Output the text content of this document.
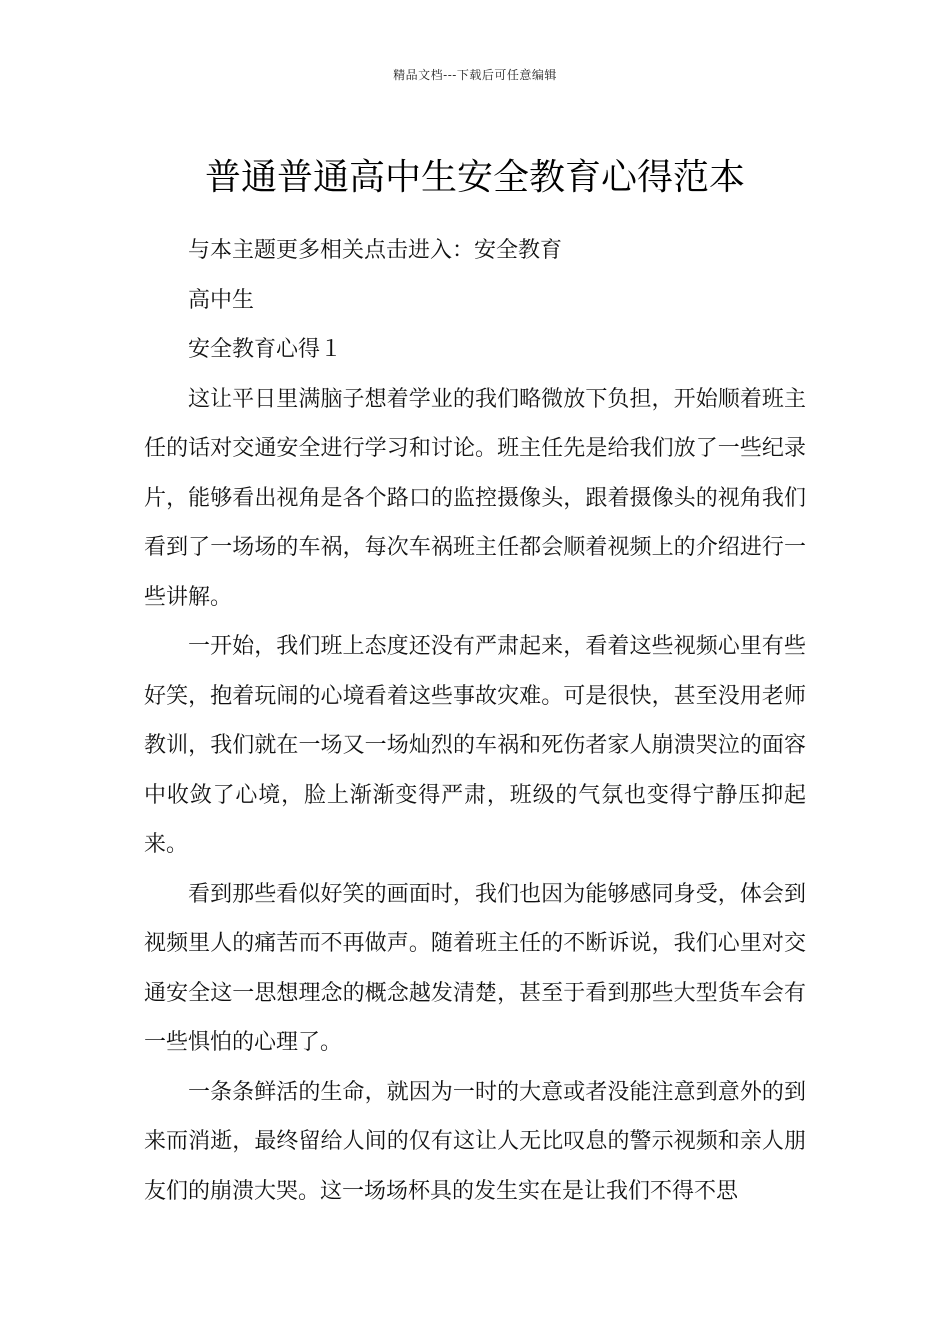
精品文档---下载后可任意编辑
普通普通高中生安全教育心得范本

与本主题更多相关点击进入：安全教育

高中生

安全教育心得１

这让平日里满脑子想着学业的我们略微放下负担，开始顺着班主任的话对交通安全进行学习和讨论。班主任先是给我们放了一些纪录片，能够看出视角是各个路口的监控摄像头，跟着摄像头的视角我们看到了一场场的车祸，每次车祸班主任都会顺着视频上的介绍进行一些讲解。

一开始，我们班上态度还没有严肃起来，看着这些视频心里有些好笑，抱着玩闹的心境看着这些事故灾难。可是很快，甚至没用老师教训，我们就在一场又一场灿烈的车祸和死伤者家人崩溃哭泣的面容中收敛了心境，脸上渐渐变得严肃，班级的气氛也变得宁静压抑起来。

看到那些看似好笑的画面时，我们也因为能够感同身受，体会到视频里人的痛苦而不再做声。随着班主任的不断诉说，我们心里对交通安全这一思想理念的概念越发清楚，甚至于看到那些大型货车会有一些惧怕的心理了。

一条条鲜活的生命，就因为一时的大意或者没能注意到意外的到来而消逝，最终留给人间的仅有这让人无比叹息的警示视频和亲人朋友们的崩溃大哭。这一场场杯具的发生实在是让我们不得不思
